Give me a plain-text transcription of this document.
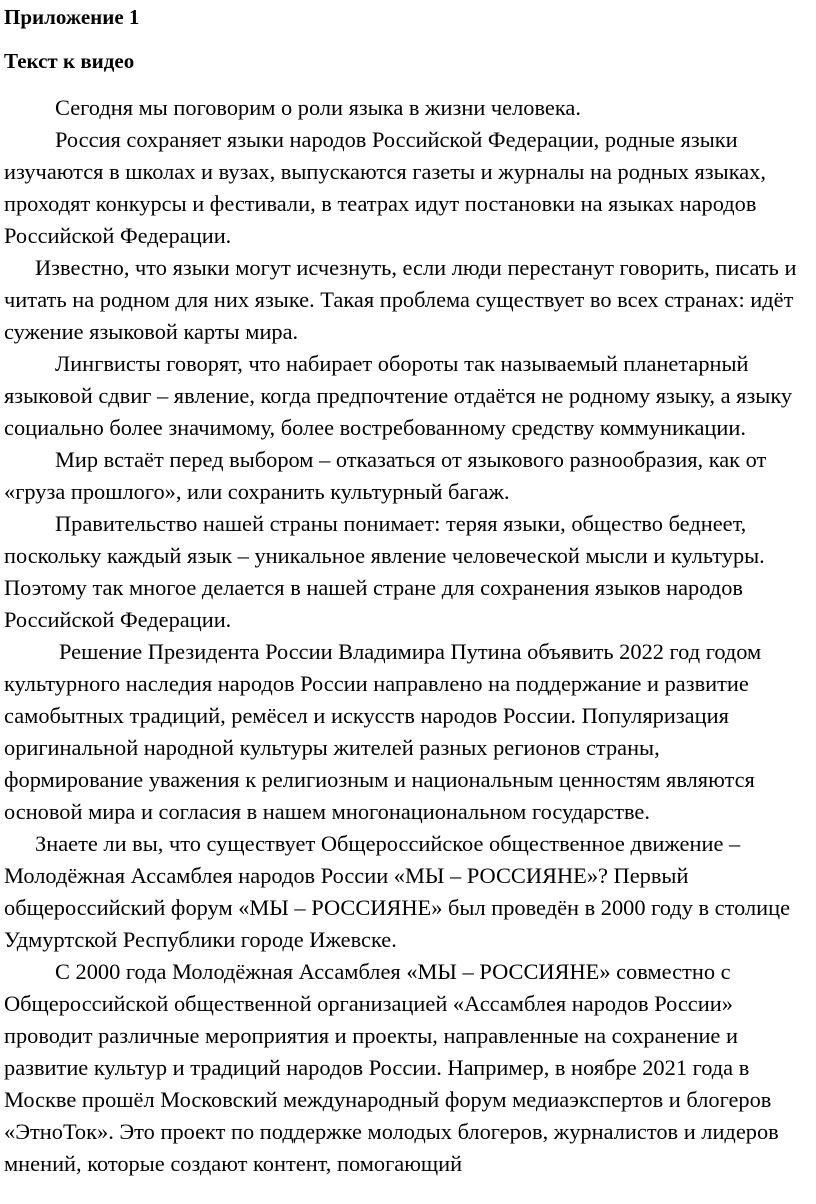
Приложение 1

Текст к видео

Сегодня мы поговорим о роли языка в жизни человека.

Россия сохраняет языки народов Российской Федерации, родные языки изучаются в школах и вузах, выпускаются газеты и журналы на родных языках, проходят конкурсы и фестивали, в театрах идут постановки на языках народов Российской Федерации.

Известно, что языки могут исчезнуть, если люди перестанут говорить, писать и читать на родном для них языке. Такая проблема существует во всех странах: идёт сужение языковой карты мира.

Лингвисты говорят, что набирает обороты так называемый планетарный языковой сдвиг – явление, когда предпочтение отдаётся не родному языку, а языку социально более значимому, более востребованному средству коммуникации.

Мир встаёт перед выбором – отказаться от языкового разнообразия, как от «груза прошлого», или сохранить культурный багаж.

Правительство нашей страны понимает: теряя языки, общество беднеет, поскольку каждый язык – уникальное явление человеческой мысли и культуры. Поэтому так многое делается в нашей стране для сохранения языков народов Российской Федерации.

Решение Президента России Владимира Путина объявить 2022 год годом культурного наследия народов России направлено на поддержание и развитие самобытных традиций, ремёсел и искусств народов России. Популяризация оригинальной народной культуры жителей разных регионов страны, формирование уважения к религиозным и национальным ценностям являются основой мира и согласия в нашем многонациональном государстве.

Знаете ли вы, что существует Общероссийское общественное движение – Молодёжная Ассамблея народов России «МЫ – РОССИЯНЕ»? Первый общероссийский форум «МЫ – РОССИЯНЕ» был проведён в 2000 году в столице Удмуртской Республики городе Ижевске.

С 2000 года Молодёжная Ассамблея «МЫ – РОССИЯНЕ» совместно с Общероссийской общественной организацией «Ассамблея народов России» проводит различные мероприятия и проекты, направленные на сохранение и развитие культур и традиций народов России. Например, в ноябре 2021 года в Москве прошёл Московский международный форум медиаэкспертов и блогеров «ЭтноТок». Это проект по поддержке молодых блогеров, журналистов и лидеров мнений, которые создают контент, помогающий
